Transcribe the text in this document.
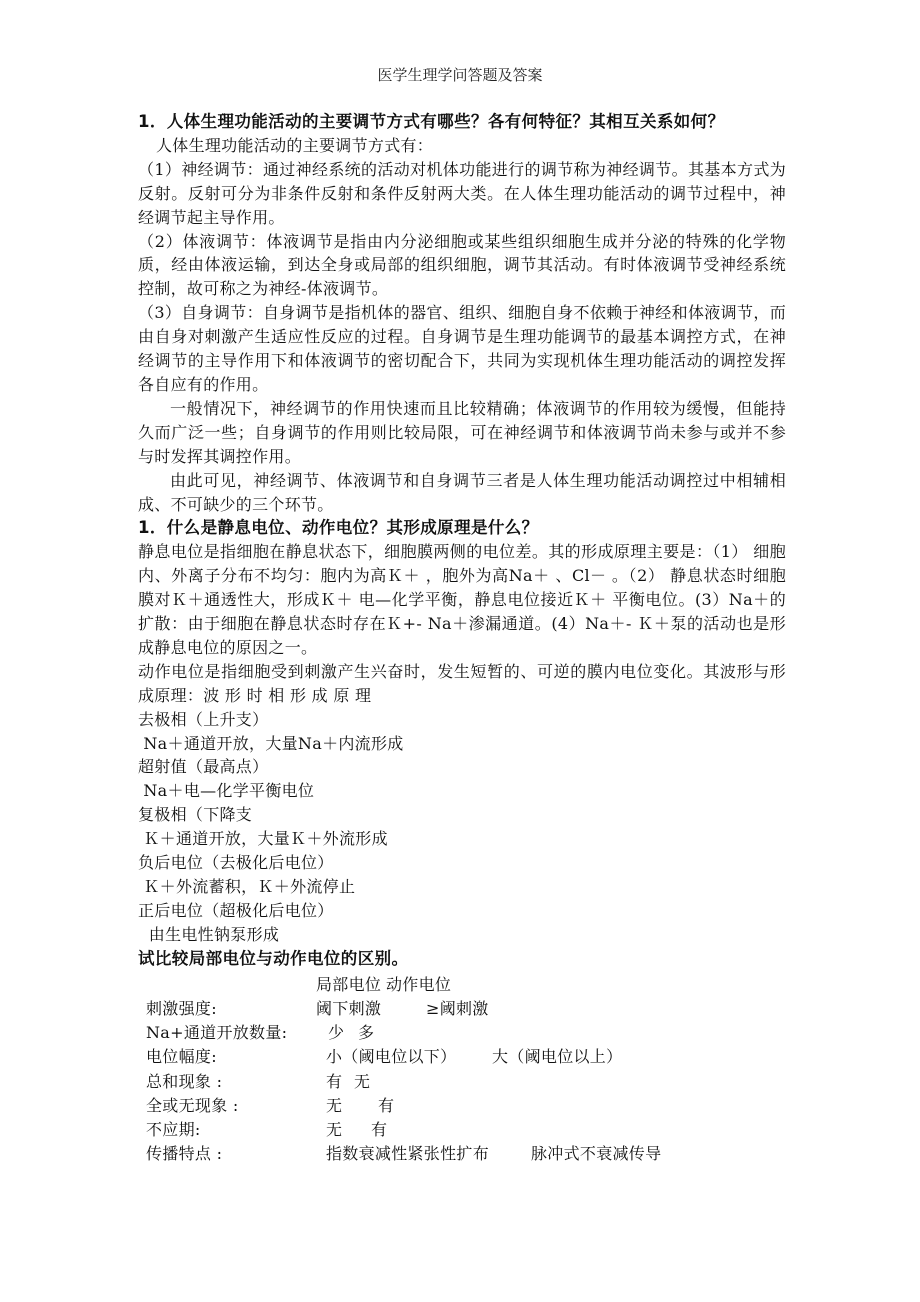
医学生理学问答题及答案

1．人体生理功能活动的主要调节方式有哪些？各有何特征？其相互关系如何？

人体生理功能活动的主要调节方式有：

（1）神经调节：通过神经系统的活动对机体功能进行的调节称为神经调节。其基本方式为反射。反射可分为非条件反射和条件反射两大类。在人体生理功能活动的调节过程中，神经调节起主导作用。

（2）体液调节：体液调节是指由内分泌细胞或某些组织细胞生成并分泌的特殊的化学物质，经由体液运输，到达全身或局部的组织细胞，调节其活动。有时体液调节受神经系统控制，故可称之为神经-体液调节。

（3）自身调节：自身调节是指机体的器官、组织、细胞自身不依赖于神经和体液调节，而由自身对刺激产生适应性反应的过程。自身调节是生理功能调节的最基本调控方式，在神经调节的主导作用下和体液调节的密切配合下，共同为实现机体生理功能活动的调控发挥各自应有的作用。

一般情况下，神经调节的作用快速而且比较精确；体液调节的作用较为缓慢，但能持久而广泛一些；自身调节的作用则比较局限，可在神经调节和体液调节尚未参与或并不参与时发挥其调控作用。

由此可见，神经调节、体液调节和自身调节三者是人体生理功能活动调控过中相辅相成、不可缺少的三个环节。

1．什么是静息电位、动作电位？其形成原理是什么？

静息电位是指细胞在静息状态下，细胞膜两侧的电位差。其的形成原理主要是：（1） 细胞内、外离子分布不均匀：胞内为高Ｋ＋ ，胞外为高Na＋ 、Cl－ 。（2） 静息状态时细胞膜对Ｋ＋通透性大，形成Ｋ＋ 电—化学平衡，静息电位接近Ｋ＋ 平衡电位。(3）Na＋的扩散：由于细胞在静息状态时存在Ｋ+- Na＋渗漏通道。(4）Na＋- Ｋ＋泵的活动也是形成静息电位的原因之一。

动作电位是指细胞受到刺激产生兴奋时，发生短暂的、可逆的膜内电位变化。其波形与形成原理：波 形 时 相 形 成 原 理

去极相（上升支）

Na＋通道开放，大量Na＋内流形成

超射值（最高点）

Na＋电—化学平衡电位

复极相（下降支

Ｋ＋通道开放，大量Ｋ＋外流形成

负后电位（去极化后电位）

Ｋ＋外流蓄积，Ｋ＋外流停止

正后电位（超极化后电位）

由生电性钠泵形成

试比较局部电位与动作电位的区别。

局部电位 动作电位
刺激强度:	阈下刺激	≥阈刺激
Na+通道开放数量:	少 多
电位幅度:	小（阈电位以下）	大（阈电位以上）
总和现象 :	有 无
全或无现象 :	无	有
不应期:	无	有
传播特点 :	指数衰减性紧张性扩布	脉冲式不衰减传导
